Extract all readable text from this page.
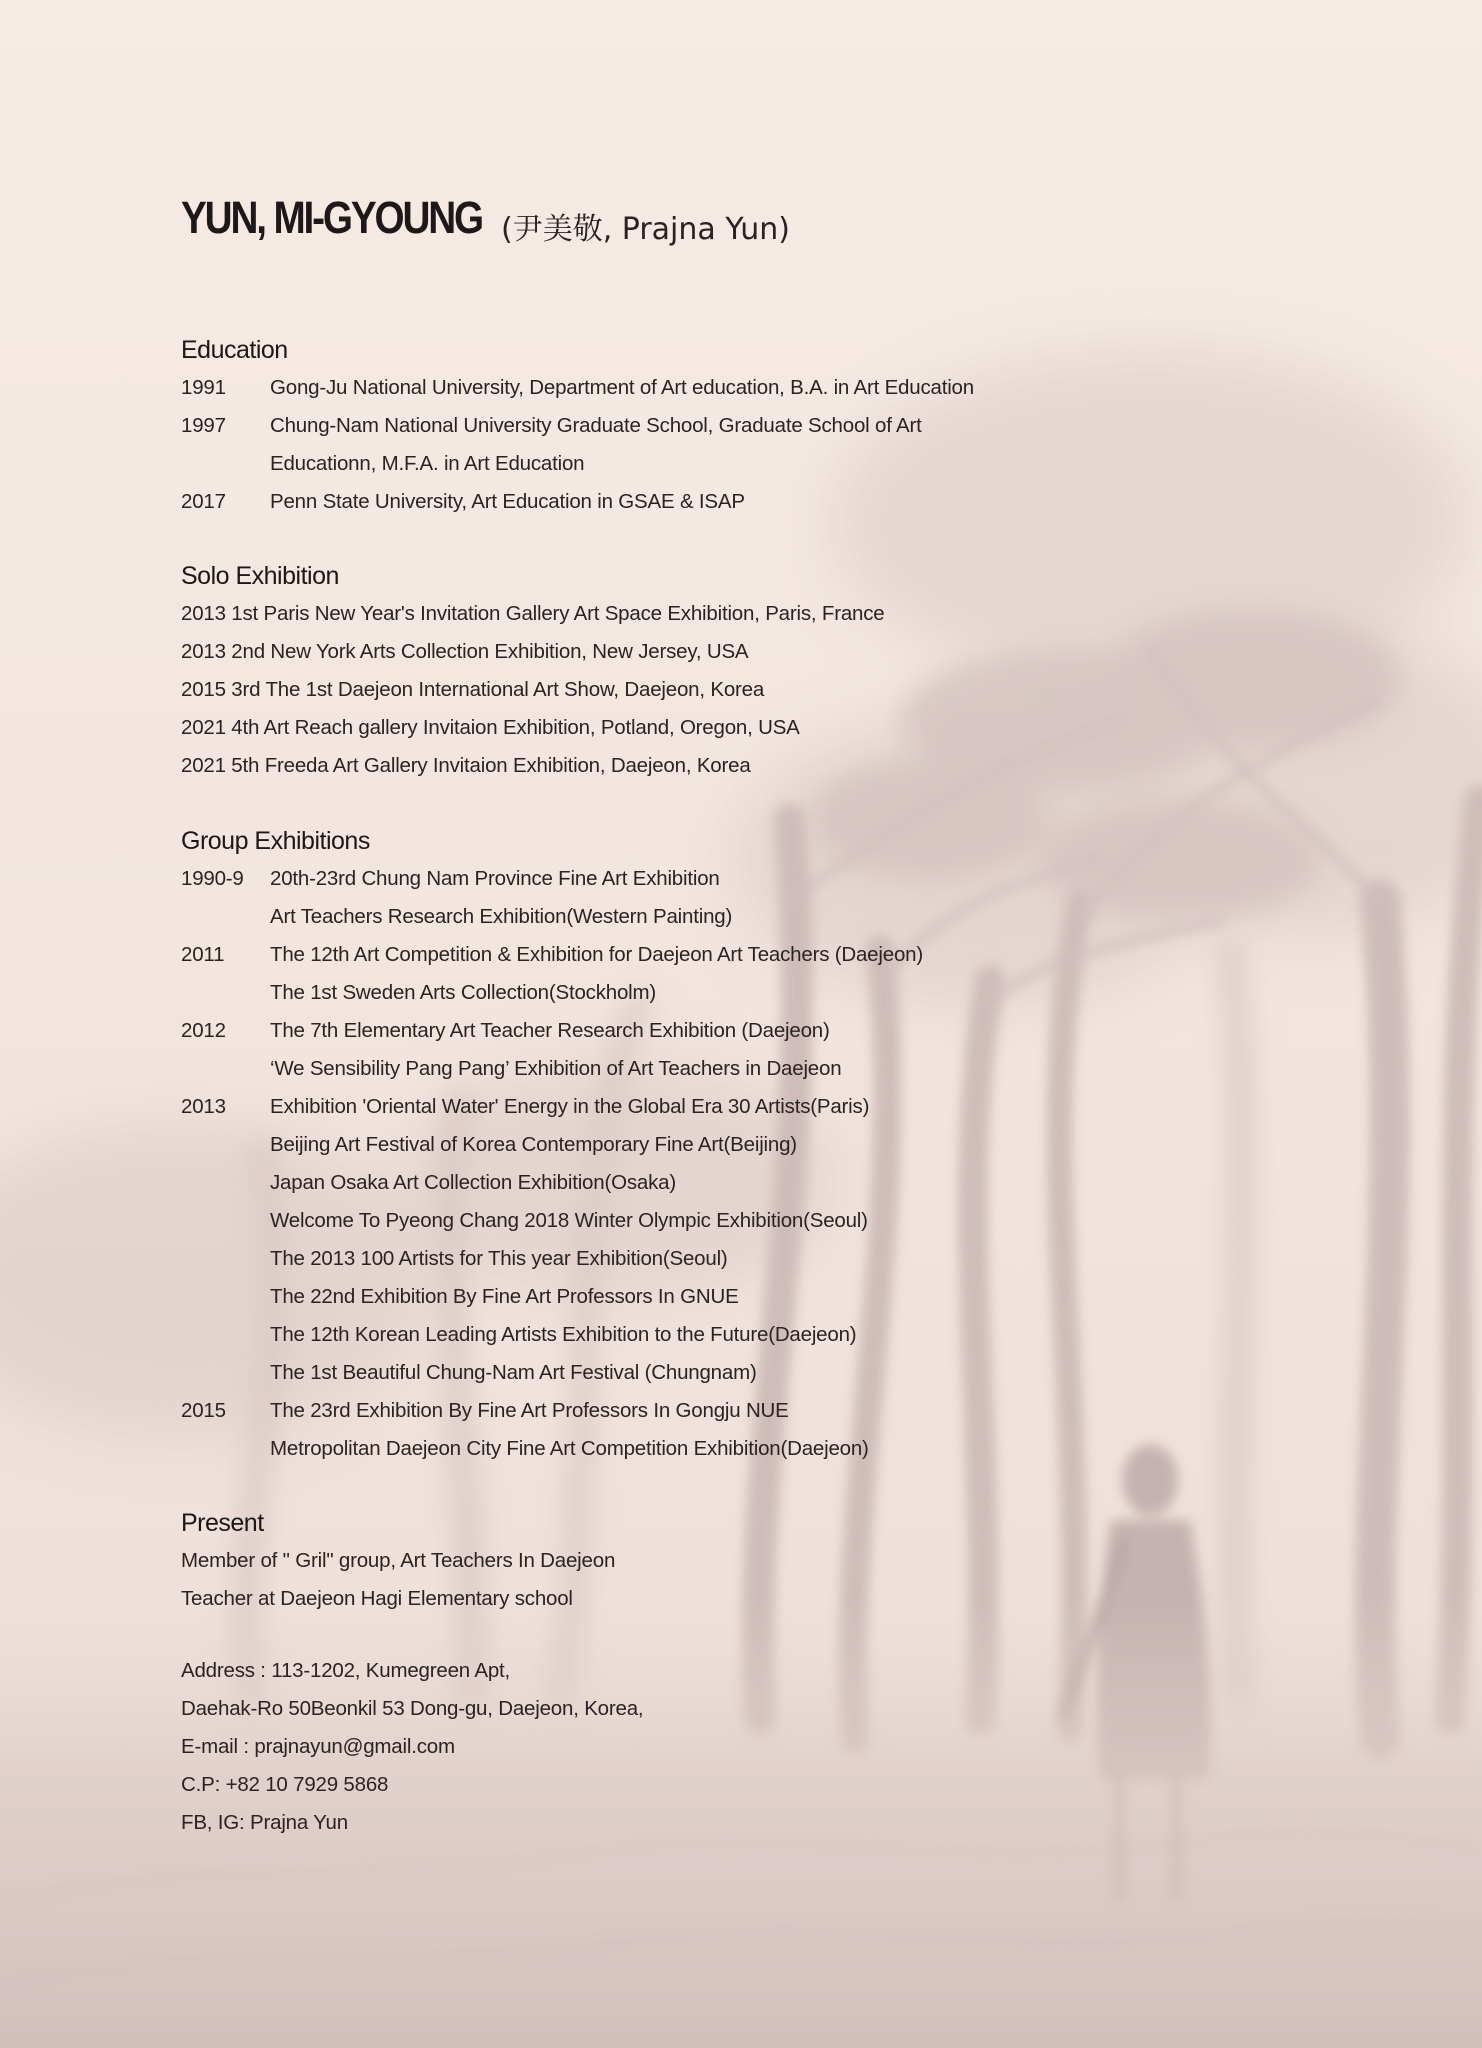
YUN, MI-GYOUNG (尹美敬, Prajna Yun)
Education
1991	Gong-Ju National University, Department of Art education, B.A. in Art Education
1997	Chung-Nam National University Graduate School, Graduate School of Art
Educationn, M.F.A. in Art Education
2017	Penn State University, Art Education in GSAE & ISAP
Solo Exhibition
2013 1st Paris New Year's Invitation Gallery Art Space Exhibition, Paris, France
2013 2nd New York Arts Collection Exhibition, New Jersey, USA
2015 3rd The 1st Daejeon International Art Show, Daejeon, Korea
2021 4th Art Reach gallery Invitaion Exhibition, Potland, Oregon, USA
2021 5th Freeda Art Gallery Invitaion Exhibition, Daejeon, Korea
Group Exhibitions
1990-9	20th-23rd Chung Nam Province Fine Art Exhibition
Art Teachers Research Exhibition(Western Painting)
2011	The 12th Art Competition & Exhibition for Daejeon Art Teachers (Daejeon)
The 1st Sweden Arts Collection(Stockholm)
2012	The 7th Elementary Art Teacher Research Exhibition (Daejeon)
‘We Sensibility Pang Pang’ Exhibition of Art Teachers in Daejeon
2013	Exhibition 'Oriental Water' Energy in the Global Era 30 Artists(Paris)
Beijing Art Festival of Korea Contemporary Fine Art(Beijing)
Japan Osaka Art Collection Exhibition(Osaka)
Welcome To Pyeong Chang 2018 Winter Olympic Exhibition(Seoul)
The 2013 100 Artists for This year Exhibition(Seoul)
The 22nd Exhibition By Fine Art Professors In GNUE
The 12th Korean Leading Artists Exhibition to the Future(Daejeon)
The 1st Beautiful Chung-Nam Art Festival (Chungnam)
2015	The 23rd Exhibition By Fine Art Professors In Gongju NUE
Metropolitan Daejeon City Fine Art Competition Exhibition(Daejeon)
Present
Member of " Gril" group, Art Teachers In Daejeon
Teacher at Daejeon Hagi Elementary school
Address : 113-1202, Kumegreen Apt,
Daehak-Ro 50Beonkil 53 Dong-gu, Daejeon, Korea,
E-mail : prajnayun@gmail.com
C.P: +82 10 7929 5868
FB, IG: Prajna Yun
